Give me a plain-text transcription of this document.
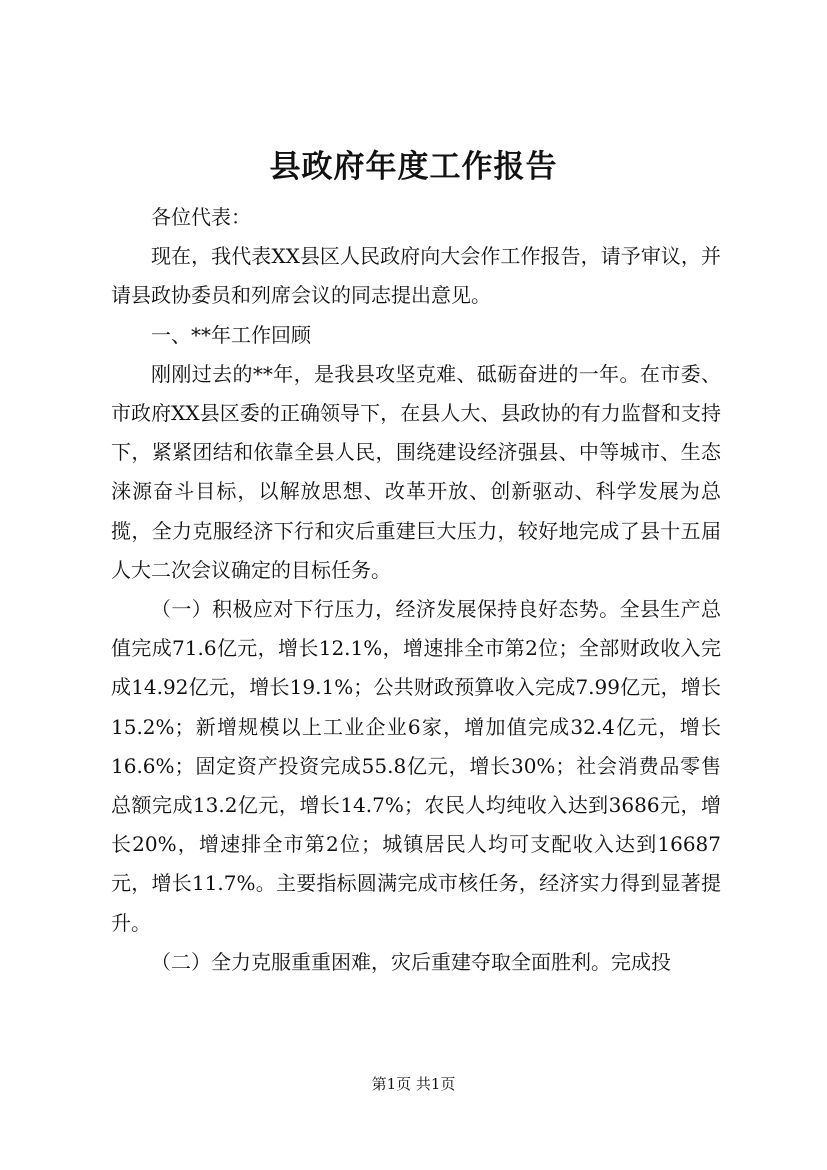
县政府年度工作报告

各位代表：

现在，我代表XX县区人民政府向大会作工作报告，请予审议，并请县政协委员和列席会议的同志提出意见。

一、**年工作回顾

刚刚过去的**年，是我县攻坚克难、砥砺奋进的一年。在市委、市政府XX县区委的正确领导下，在县人大、县政协的有力监督和支持下，紧紧团结和依靠全县人民，围绕建设经济强县、中等城市、生态涞源奋斗目标，以解放思想、改革开放、创新驱动、科学发展为总揽，全力克服经济下行和灾后重建巨大压力，较好地完成了县十五届人大二次会议确定的目标任务。

（一）积极应对下行压力，经济发展保持良好态势。全县生产总值完成71.6亿元，增长12.1%，增速排全市第2位；全部财政收入完成14.92亿元，增长19.1%；公共财政预算收入完成7.99亿元，增长15.2%；新增规模以上工业企业6家，增加值完成32.4亿元，增长16.6%；固定资产投资完成55.8亿元，增长30%；社会消费品零售总额完成13.2亿元，增长14.7%；农民人均纯收入达到3686元，增长20%，增速排全市第2位；城镇居民人均可支配收入达到16687元，增长11.7%。主要指标圆满完成市核任务，经济实力得到显著提升。

（二）全力克服重重困难，灾后重建夺取全面胜利。完成投

第1页 共1页
